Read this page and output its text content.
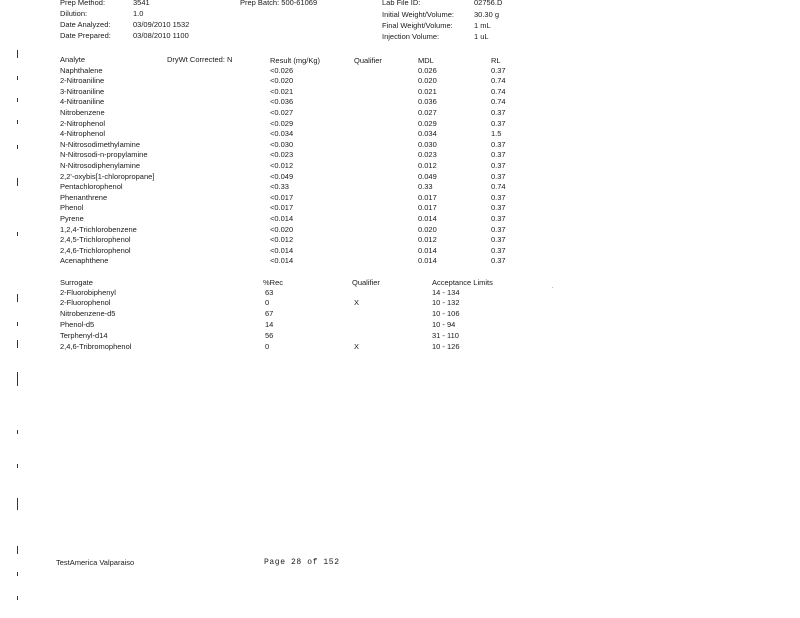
Prep Method:	3541	Prep Batch: 500-61069	Lab File ID:	02756.D
Dilution:	1.0	Initial Weight/Volume:	30.30 g
Date Analyzed:	03/09/2010 1532	Final Weight/Volume:	1 mL
Date Prepared:	03/08/2010 1100	Injection Volume:	1 uL
Analyte	DryWt Corrected: N	Result (mg/Kg)	Qualifier	MDL	RL
Naphthalene	<0.026	0.026	0.37
2-Nitroaniline	<0.020	0.020	0.74
3-Nitroaniline	<0.021	0.021	0.74
4-Nitroaniline	<0.036	0.036	0.74
Nitrobenzene	<0.027	0.027	0.37
2-Nitrophenol	<0.029	0.029	0.37
4-Nitrophenol	<0.034	0.034	1.5
N-Nitrosodimethylamine	<0.030	0.030	0.37
N-Nitrosodi-n-propylamine	<0.023	0.023	0.37
N-Nitrosodiphenylamine	<0.012	0.012	0.37
2,2'-oxybis[1-chloropropane]	<0.049	0.049	0.37
Pentachlorophenol	<0.33	0.33	0.74
Phenanthrene	<0.017	0.017	0.37
Phenol	<0.017	0.017	0.37
Pyrene	<0.014	0.014	0.37
1,2,4-Trichlorobenzene	<0.020	0.020	0.37
2,4,5-Trichlorophenol	<0.012	0.012	0.37
2,4,6-Trichlorophenol	<0.014	0.014	0.37
Acenaphthene	<0.014	0.014	0.37
Surrogate	%Rec	Qualifier	Acceptance Limits	.
2-Fluorobiphenyl	63	14 - 134
2-Fluorophenol	0	X	10 - 132
Nitrobenzene-d5	67	10 - 106
Phenol-d5	14	10 - 94
Terphenyl-d14	56	31 - 110
2,4,6-Tribromophenol	0	X	10 - 126
TestAmerica Valparaiso	Page 28 of 152
